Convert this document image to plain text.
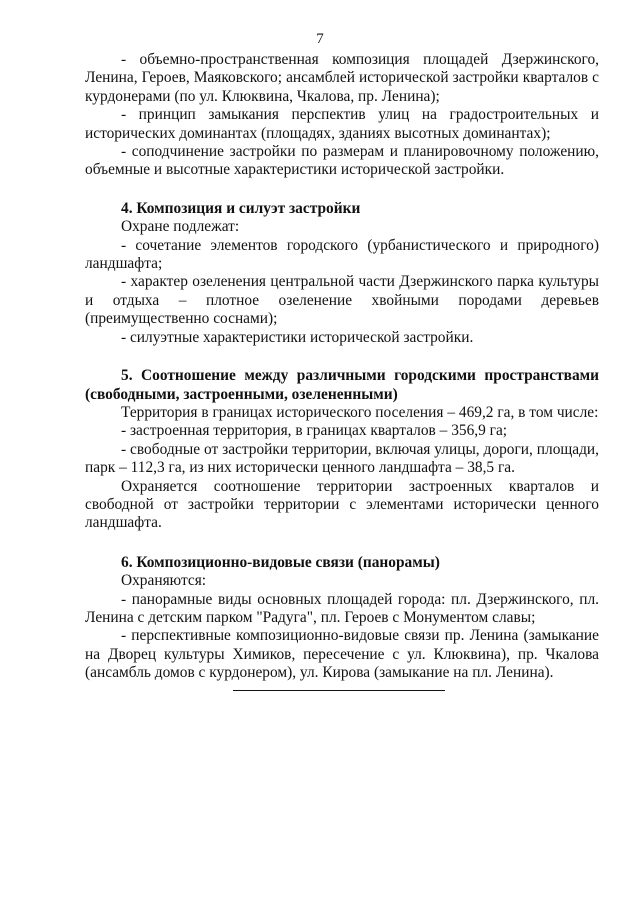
7

- объемно-пространственная композиция площадей Дзержинского, Ленина, Героев, Маяковского; ансамблей исторической застройки кварталов с курдонерами (по ул. Клюквина, Чкалова, пр. Ленина);

- принцип замыкания перспектив улиц на градостроительных и исторических доминантах (площадях, зданиях высотных доминантах);

- соподчинение застройки по размерам и планировочному положению, объемные и высотные характеристики исторической застройки.

4. Композиция и силуэт застройки

Охране подлежат:

- сочетание элементов городского (урбанистического и природного) ландшафта;

- характер озеленения центральной части Дзержинского парка культуры и отдыха – плотное озеленение хвойными породами деревьев (преимущественно соснами);

- силуэтные характеристики исторической застройки.

5. Соотношение между различными городскими пространствами (свободными, застроенными, озелененными)

Территория в границах исторического поселения – 469,2 га, в том числе:

- застроенная территория, в границах кварталов – 356,9 га;

- свободные от застройки территории, включая улицы, дороги, площади, парк – 112,3 га, из них исторически ценного ландшафта – 38,5 га.

Охраняется соотношение территории застроенных кварталов и свободной от застройки территории с элементами исторически ценного ландшафта.

6. Композиционно-видовые связи (панорамы)

Охраняются:

- панорамные виды основных площадей города: пл. Дзержинского, пл. Ленина с детским парком "Радуга", пл. Героев с Монументом славы;

- перспективные композиционно-видовые связи пр. Ленина (замыкание на Дворец культуры Химиков, пересечение с ул. Клюквина), пр. Чкалова (ансамбль домов с курдонером), ул. Кирова (замыкание на пл. Ленина).
